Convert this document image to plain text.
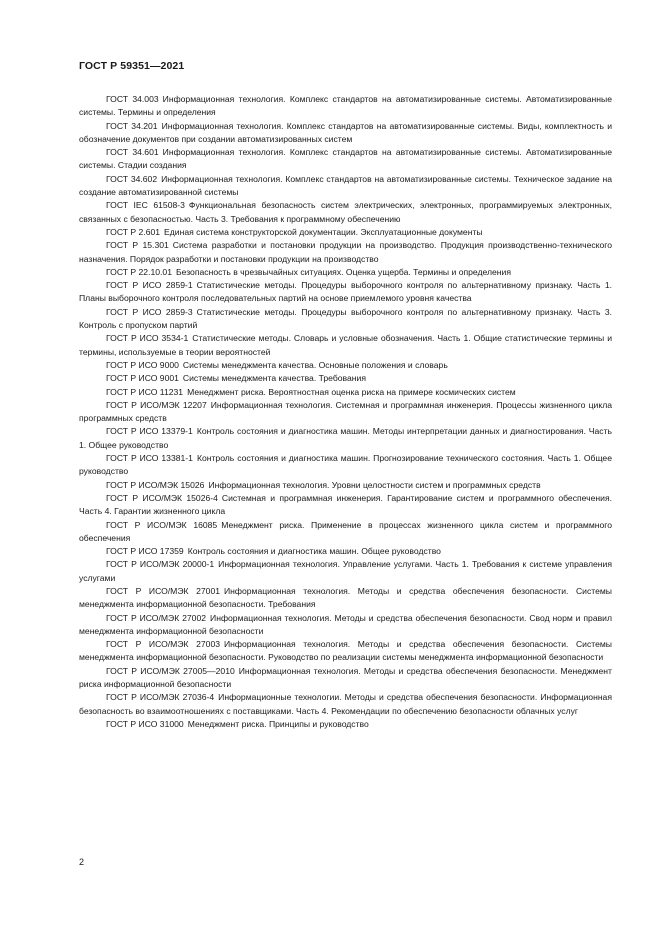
ГОСТ Р 59351—2021

ГОСТ 34.003 Информационная технология. Комплекс стандартов на автоматизированные системы. Автоматизированные системы. Термины и определения

ГОСТ 34.201 Информационная технология. Комплекс стандартов на автоматизированные системы. Виды, комплектность и обозначение документов при создании автоматизированных систем

ГОСТ 34.601 Информационная технология. Комплекс стандартов на автоматизированные системы. Автоматизированные системы. Стадии создания

ГОСТ 34.602 Информационная технология. Комплекс стандартов на автоматизированные системы. Техническое задание на создание автоматизированной системы

ГОСТ IEC 61508-3 Функциональная безопасность систем электрических, электронных, программируемых электронных, связанных с безопасностью. Часть 3. Требования к программному обеспечению

ГОСТ Р 2.601 Единая система конструкторской документации. Эксплуатационные документы

ГОСТ Р 15.301 Система разработки и постановки продукции на производство. Продукция производственно-технического назначения. Порядок разработки и постановки продукции на производство

ГОСТ Р 22.10.01 Безопасность в чрезвычайных ситуациях. Оценка ущерба. Термины и определения

ГОСТ Р ИСО 2859-1 Статистические методы. Процедуры выборочного контроля по альтернативному признаку. Часть 1. Планы выборочного контроля последовательных партий на основе приемлемого уровня качества

ГОСТ Р ИСО 2859-3 Статистические методы. Процедуры выборочного контроля по альтернативному признаку. Часть 3. Контроль с пропуском партий

ГОСТ Р ИСО 3534-1 Статистические методы. Словарь и условные обозначения. Часть 1. Общие статистические термины и термины, используемые в теории вероятностей

ГОСТ Р ИСО 9000 Системы менеджмента качества. Основные положения и словарь

ГОСТ Р ИСО 9001 Системы менеджмента качества. Требования

ГОСТ Р ИСО 11231 Менеджмент риска. Вероятностная оценка риска на примере космических систем

ГОСТ Р ИСО/МЭК 12207 Информационная технология. Системная и программная инженерия. Процессы жизненного цикла программных средств

ГОСТ Р ИСО 13379-1 Контроль состояния и диагностика машин. Методы интерпретации данных и диагностирования. Часть 1. Общее руководство

ГОСТ Р ИСО 13381-1 Контроль состояния и диагностика машин. Прогнозирование технического состояния. Часть 1. Общее руководство

ГОСТ Р ИСО/МЭК 15026 Информационная технология. Уровни целостности систем и программных средств

ГОСТ Р ИСО/МЭК 15026-4 Системная и программная инженерия. Гарантирование систем и программного обеспечения. Часть 4. Гарантии жизненного цикла

ГОСТ Р ИСО/МЭК 16085 Менеджмент риска. Применение в процессах жизненного цикла систем и программного обеспечения

ГОСТ Р ИСО 17359 Контроль состояния и диагностика машин. Общее руководство

ГОСТ Р ИСО/МЭК 20000-1 Информационная технология. Управление услугами. Часть 1. Требования к системе управления услугами

ГОСТ Р ИСО/МЭК 27001 Информационная технология. Методы и средства обеспечения безопасности. Системы менеджмента информационной безопасности. Требования

ГОСТ Р ИСО/МЭК 27002 Информационная технология. Методы и средства обеспечения безопасности. Свод норм и правил менеджмента информационной безопасности

ГОСТ Р ИСО/МЭК 27003 Информационная технология. Методы и средства обеспечения безопасности. Системы менеджмента информационной безопасности. Руководство по реализации системы менеджмента информационной безопасности

ГОСТ Р ИСО/МЭК 27005—2010 Информационная технология. Методы и средства обеспечения безопасности. Менеджмент риска информационной безопасности

ГОСТ Р ИСО/МЭК 27036-4 Информационные технологии. Методы и средства обеспечения безопасности. Информационная безопасность во взаимоотношениях с поставщиками. Часть 4. Рекомендации по обеспечению безопасности облачных услуг

ГОСТ Р ИСО 31000 Менеджмент риска. Принципы и руководство

2
